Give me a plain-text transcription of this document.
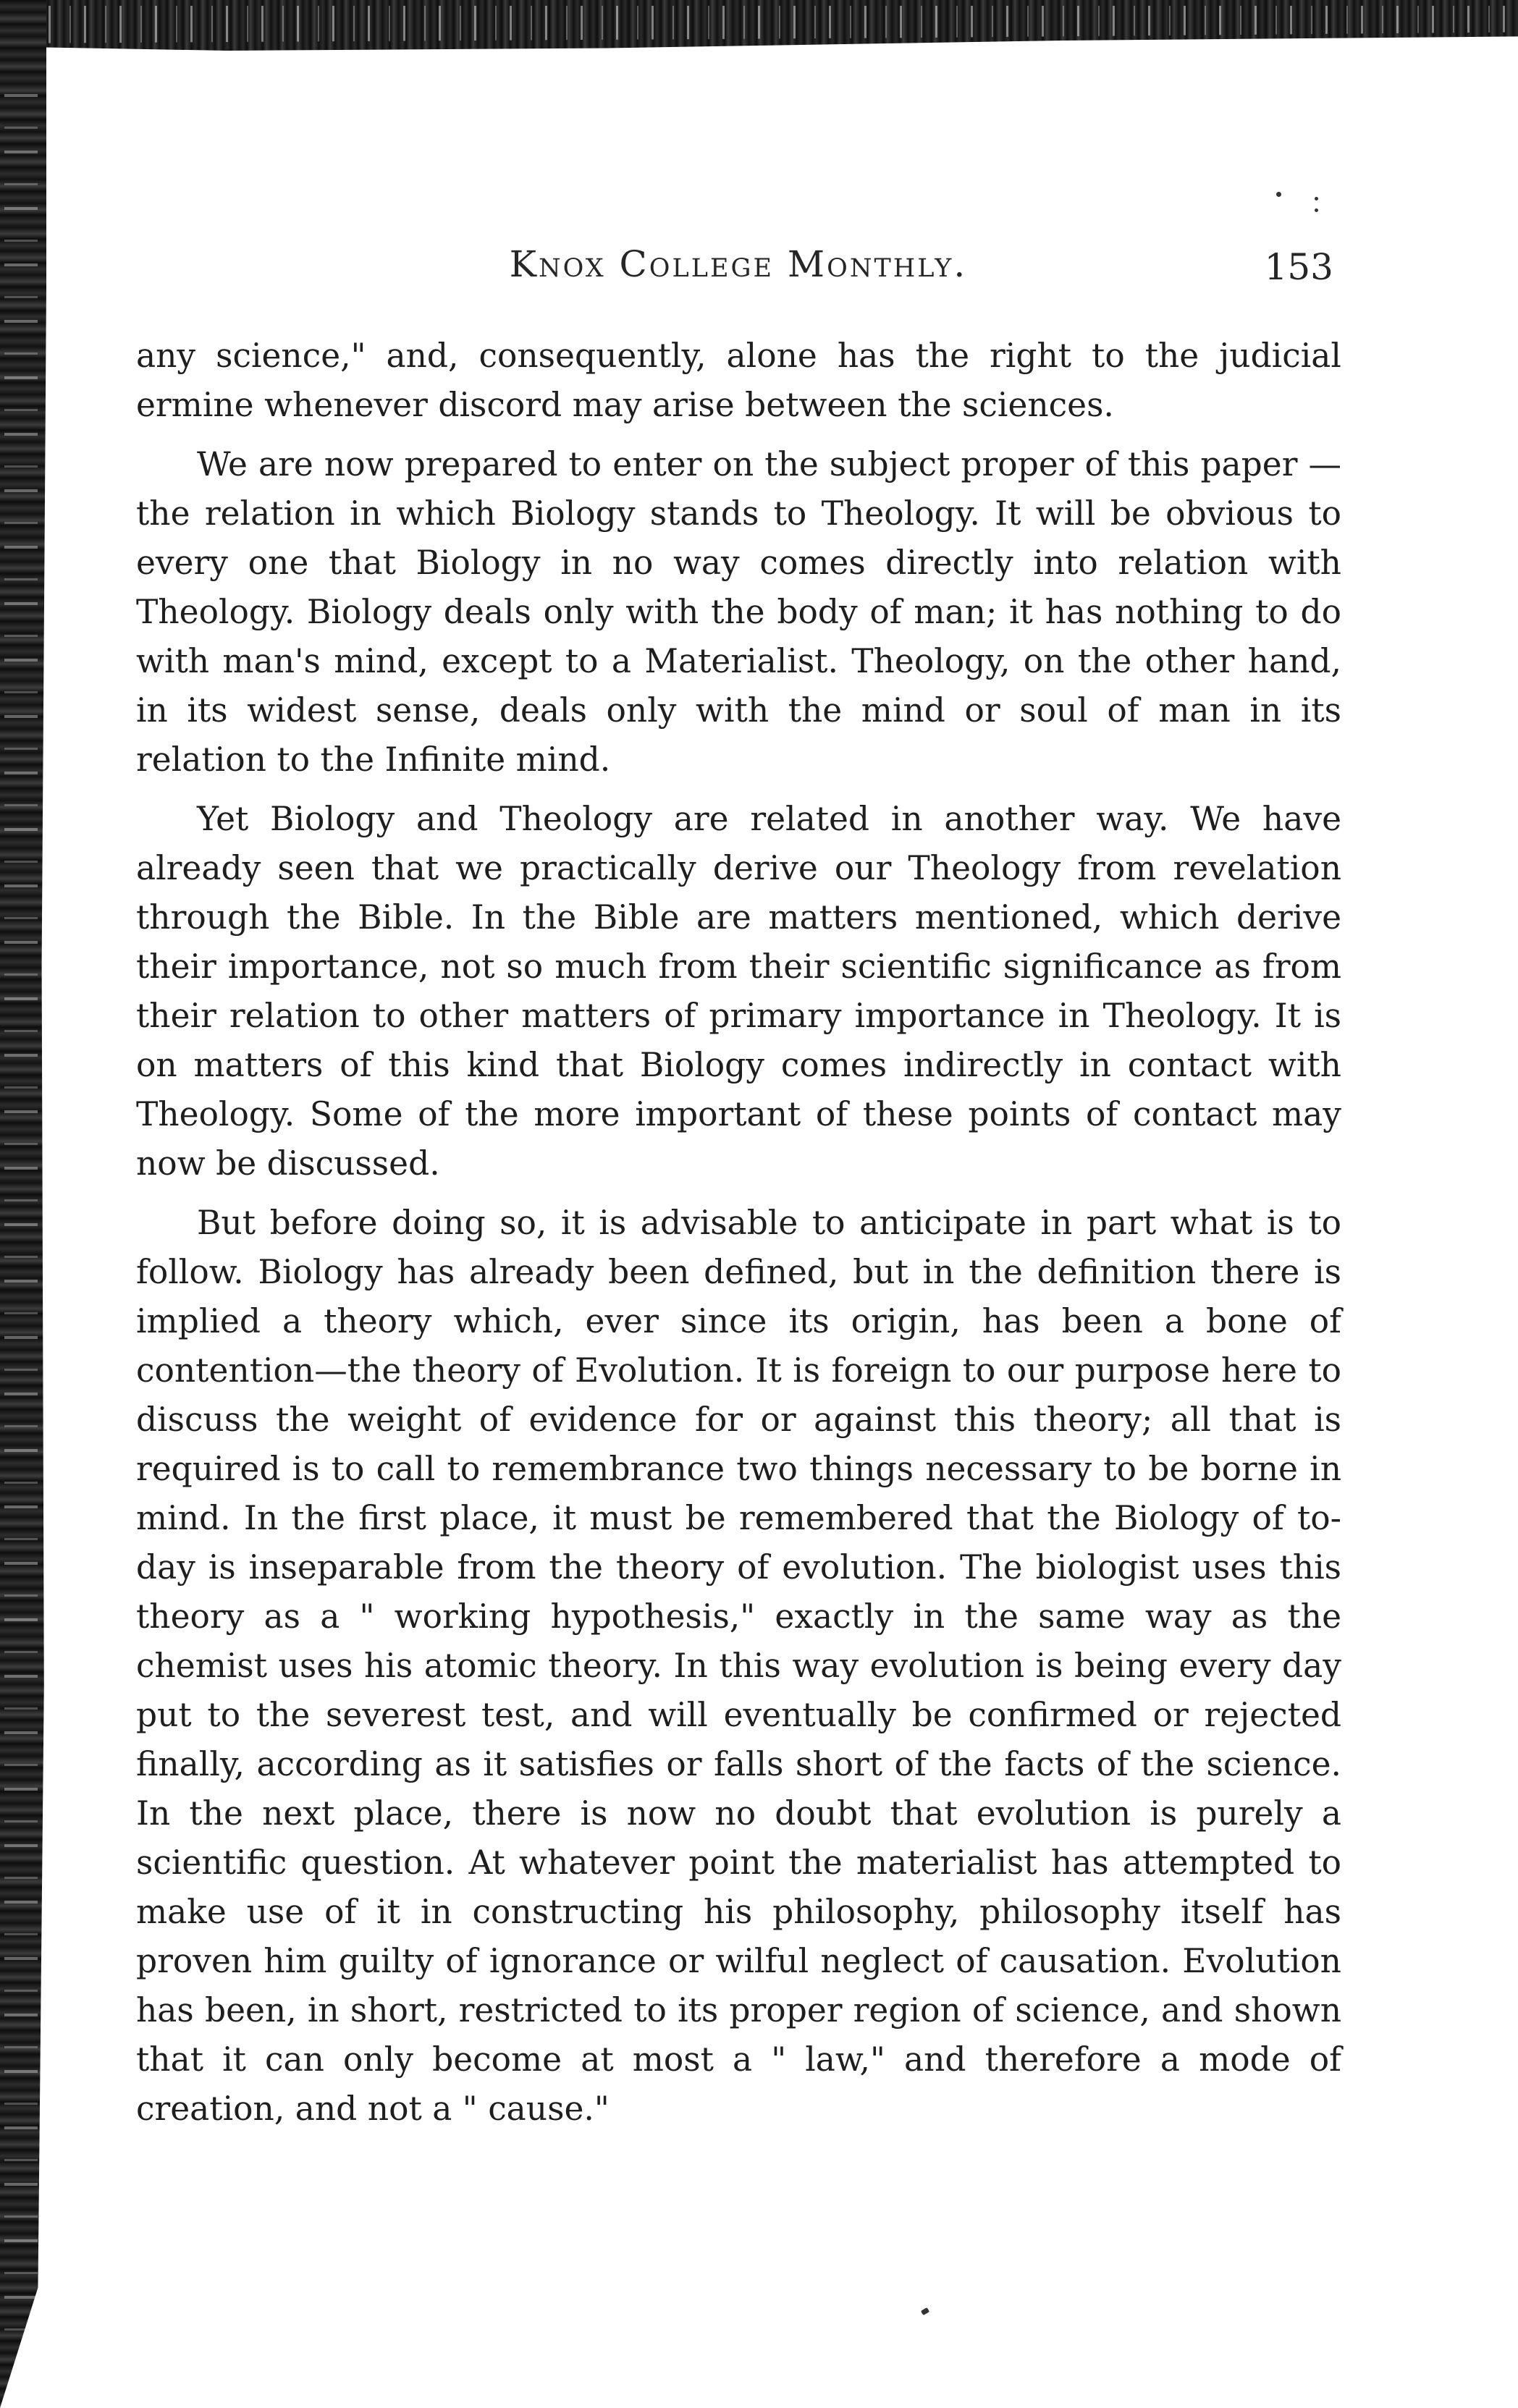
Knox College Monthly.	153

any science," and, consequently, alone has the right to the judicial ermine whenever discord may arise between the sciences.

We are now prepared to enter on the subject proper of this paper —the relation in which Biology stands to Theology. It will be obvious to every one that Biology in no way comes directly into relation with Theology. Biology deals only with the body of man; it has nothing to do with man's mind, except to a Materialist. Theology, on the other hand, in its widest sense, deals only with the mind or soul of man in its relation to the Infinite mind.

Yet Biology and Theology are related in another way. We have already seen that we practically derive our Theology from revelation through the Bible. In the Bible are matters mentioned, which derive their importance, not so much from their scientific significance as from their relation to other matters of primary importance in Theology. It is on matters of this kind that Biology comes indirectly in contact with Theology. Some of the more important of these points of contact may now be discussed.

But before doing so, it is advisable to anticipate in part what is to follow. Biology has already been defined, but in the definition there is implied a theory which, ever since its origin, has been a bone of contention—the theory of Evolution. It is foreign to our purpose here to discuss the weight of evidence for or against this theory; all that is required is to call to remembrance two things necessary to be borne in mind. In the first place, it must be remembered that the Biology of to-day is inseparable from the theory of evolution. The biologist uses this theory as a " working hypothesis," exactly in the same way as the chemist uses his atomic theory. In this way evolution is being every day put to the severest test, and will eventually be confirmed or rejected finally, according as it satisfies or falls short of the facts of the science. In the next place, there is now no doubt that evolution is purely a scientific question. At whatever point the materialist has attempted to make use of it in constructing his philosophy, philosophy itself has proven him guilty of ignorance or wilful neglect of causation. Evolution has been, in short, restricted to its proper region of science, and shown that it can only become at most a " law," and therefore a mode of creation, and not a " cause."
